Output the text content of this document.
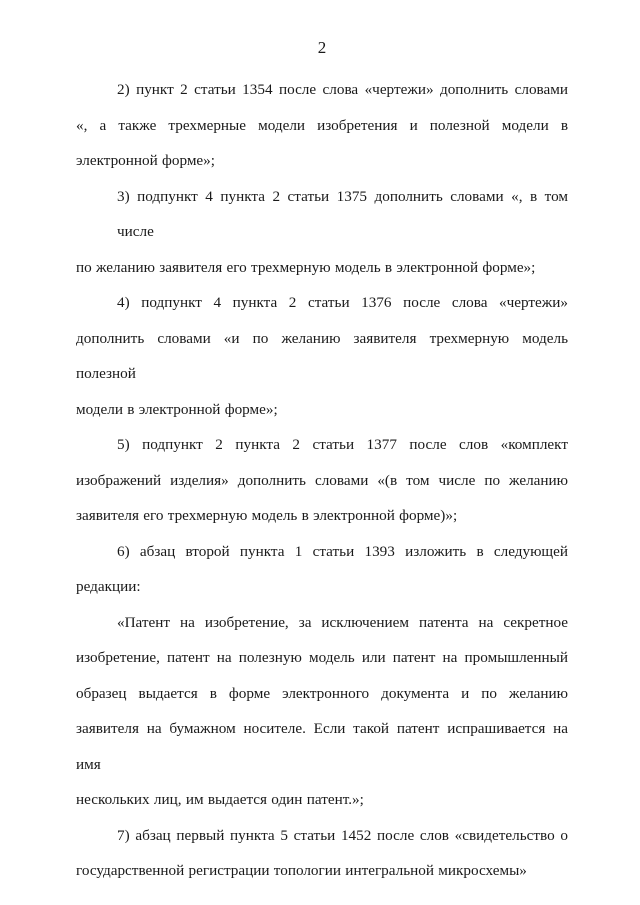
2
2) пункт 2 статьи 1354 после слова «чертежи» дополнить словами
«, а также трехмерные модели изобретения и полезной модели в
электронной форме»;
3) подпункт 4 пункта 2 статьи 1375 дополнить словами «, в том числе
по желанию заявителя его трехмерную модель в электронной форме»;
4) подпункт 4 пункта 2 статьи 1376 после слова «чертежи»
дополнить словами «и по желанию заявителя трехмерную модель полезной
модели в электронной форме»;
5) подпункт 2 пункта 2 статьи 1377 после слов «комплект
изображений изделия» дополнить словами «(в том числе по желанию
заявителя его трехмерную модель в электронной форме)»;
6) абзац второй пункта 1 статьи 1393 изложить в следующей
редакции:
«Патент на изобретение, за исключением патента на секретное
изобретение, патент на полезную модель или патент на промышленный
образец выдается в форме электронного документа и по желанию
заявителя на бумажном носителе. Если такой патент испрашивается на имя
нескольких лиц, им выдается один патент.»;
7) абзац первый пункта 5 статьи 1452 после слов «свидетельство о
государственной регистрации топологии интегральной микросхемы»
